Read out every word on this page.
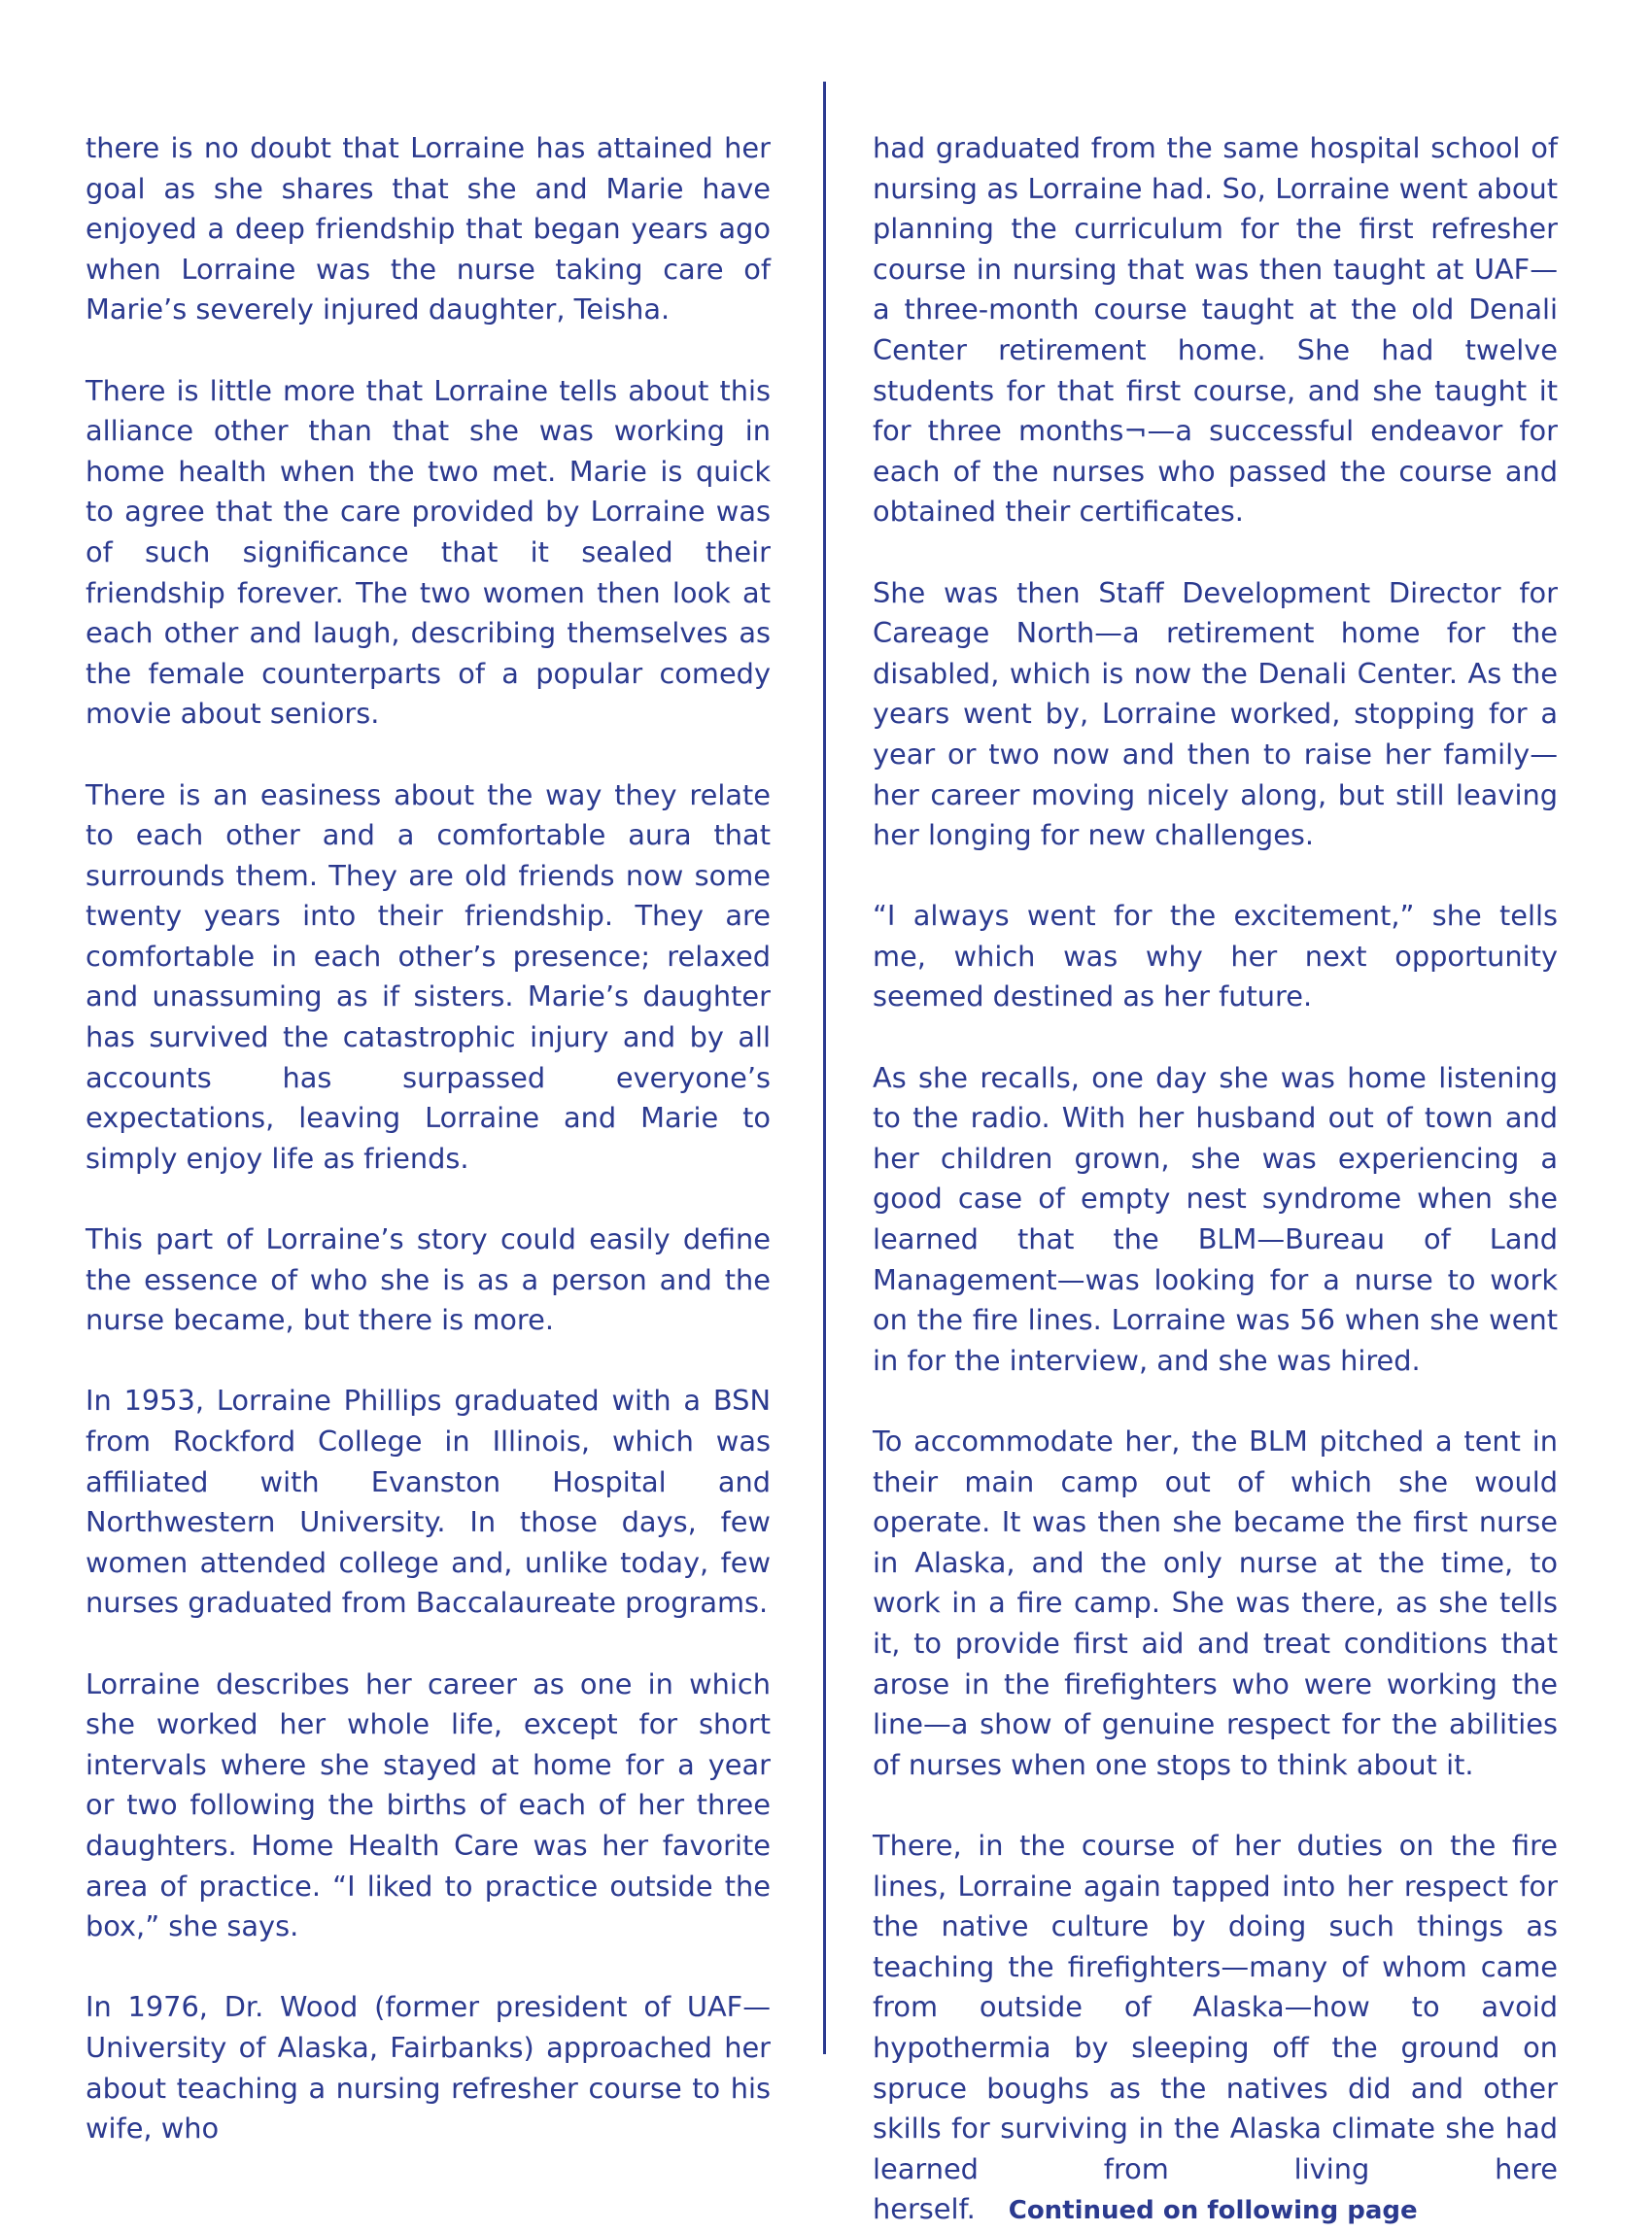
there is no doubt that Lorraine has attained her goal as she shares that she and Marie have enjoyed a deep friendship that began years ago when Lorraine was the nurse taking care of Marie’s severely injured daughter, Teisha.

There is little more that Lorraine tells about this alliance other than that she was working in home health when the two met. Marie is quick to agree that the care provided by Lorraine was of such significance that it sealed their friendship forever. The two women then look at each other and laugh, describing themselves as the female counterparts of a popular comedy movie about seniors.

There is an easiness about the way they relate to each other and a comfortable aura that surrounds them. They are old friends now some twenty years into their friendship. They are comfortable in each other’s presence; relaxed and unassuming as if sisters. Marie’s daughter has survived the catastrophic injury and by all accounts has surpassed everyone’s expectations, leaving Lorraine and Marie to simply enjoy life as friends.

This part of Lorraine’s story could easily define the essence of who she is as a person and the nurse became, but there is more.

In 1953, Lorraine Phillips graduated with a BSN from Rockford College in Illinois, which was affiliated with Evanston Hospital and Northwestern University. In those days, few women attended college and, unlike today, few nurses graduated from Baccalaureate programs.

Lorraine describes her career as one in which she worked her whole life, except for short intervals where she stayed at home for a year or two following the births of each of her three daughters. Home Health Care was her favorite area of practice. “I liked to practice outside the box,” she says.

In 1976, Dr. Wood (former president of UAF—University of Alaska, Fairbanks) approached her about teaching a nursing refresher course to his wife, who

had graduated from the same hospital school of nursing as Lorraine had. So, Lorraine went about planning the curriculum for the first refresher course in nursing that was then taught at UAF— a three-month course taught at the old Denali Center retirement home. She had twelve students for that first course, and she taught it for three months¬—a successful endeavor for each of the nurses who passed the course and obtained their certificates.

She was then Staff Development Director for Careage North—a retirement home for the disabled, which is now the Denali Center. As the years went by, Lorraine worked, stopping for a year or two now and then to raise her family—her career moving nicely along, but still leaving her longing for new challenges.

“I always went for the excitement,” she tells me, which was why her next opportunity seemed destined as her future.

As she recalls, one day she was home listening to the radio. With her husband out of town and her children grown, she was experiencing a good case of empty nest syndrome when she learned that the BLM—Bureau of Land Management—was looking for a nurse to work on the fire lines. Lorraine was 56 when she went in for the interview, and she was hired.

To accommodate her, the BLM pitched a tent in their main camp out of which she would operate. It was then she became the first nurse in Alaska, and the only nurse at the time, to work in a fire camp. She was there, as she tells it, to provide first aid and treat conditions that arose in the firefighters who were working the line—a show of genuine respect for the abilities of nurses when one stops to think about it.

There, in the course of her duties on the fire lines, Lorraine again tapped into her respect for the native culture by doing such things as teaching the firefighters—many of whom came from outside of Alaska—how to avoid hypothermia by sleeping off the ground on spruce boughs as the natives did and other skills for surviving in the Alaska climate she had learned from living here herself. Continued on following page
